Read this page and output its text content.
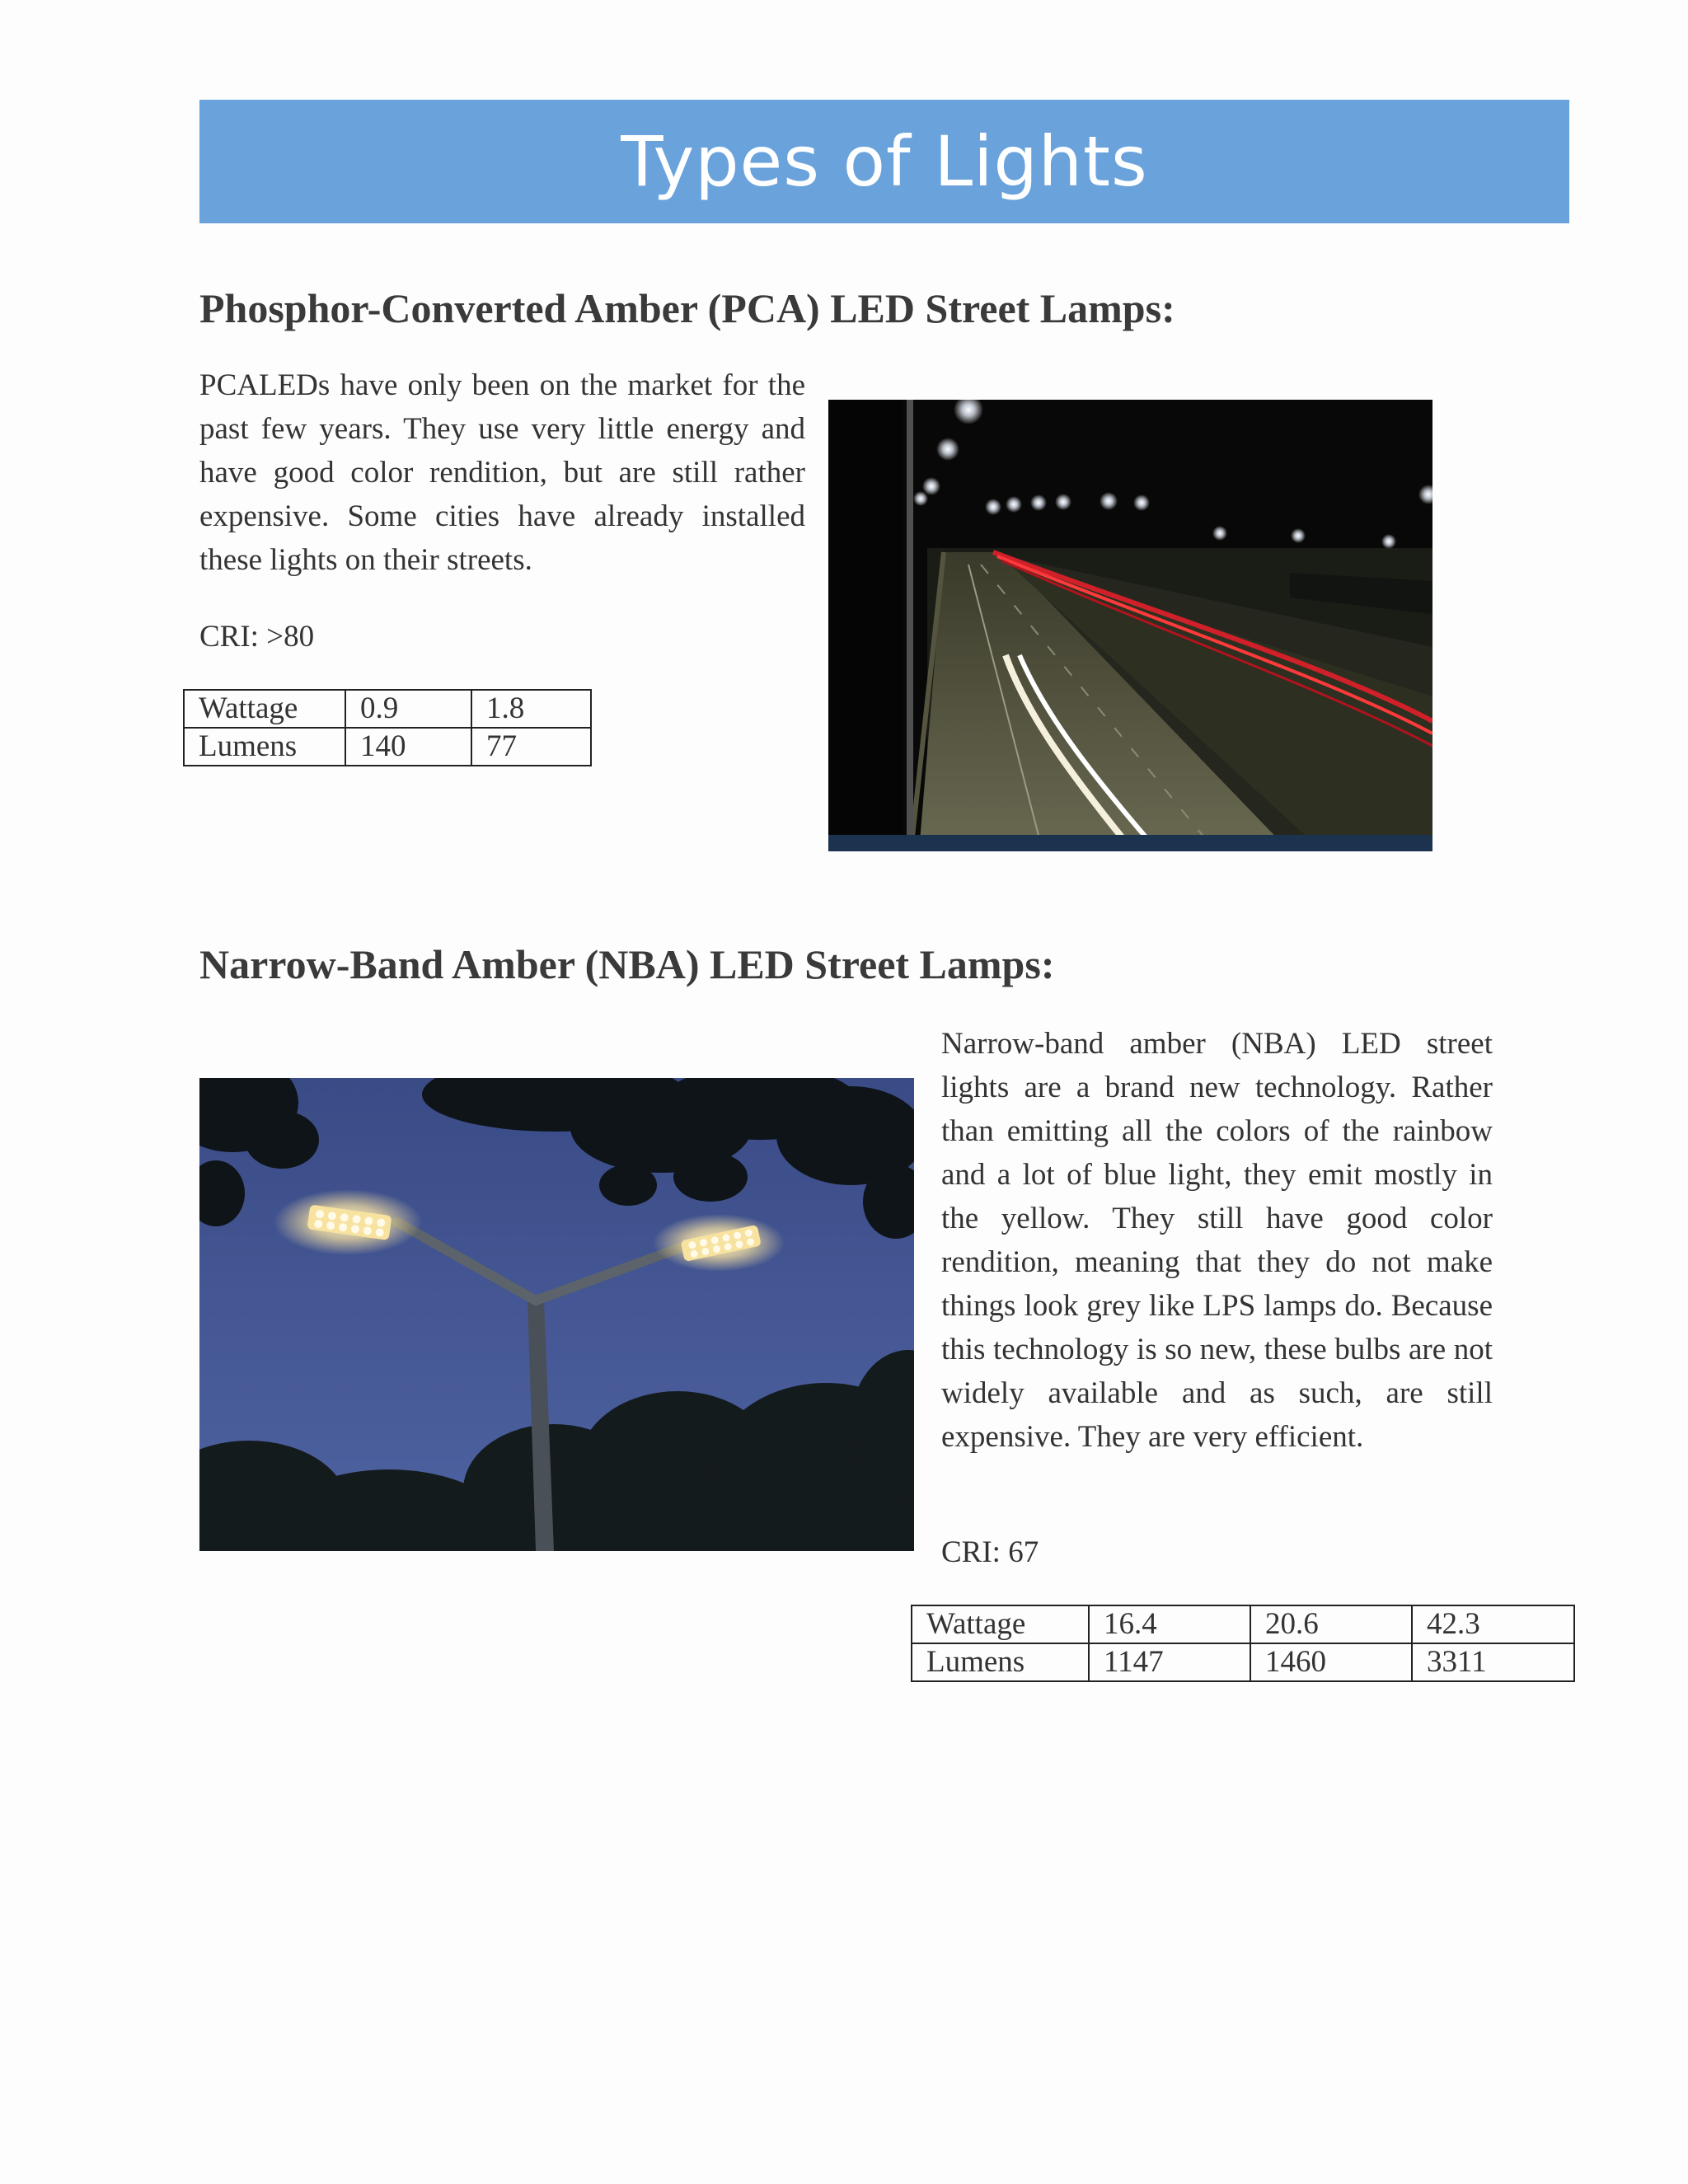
Types of Lights
Phosphor-Converted Amber (PCA) LED Street Lamps:

PCALEDs have only been on the market for the past few years. They use very little energy and have good color rendition, but are still rather expensive. Some cities have already installed these lights on their streets.

CRI: >80

Wattage	0.9	1.8
Lumens	140	77
Narrow-Band Amber (NBA) LED Street Lamps:

Narrow-band amber (NBA) LED street lights are a brand new technology. Rather than emitting all the colors of the rainbow and a lot of blue light, they emit mostly in the yellow. They still have good color rendition, meaning that they do not make things look grey like LPS lamps do. Because this technology is so new, these bulbs are not widely available and as such, are still expensive. They are very efficient.

CRI: 67

Wattage	16.4	20.6	42.3
Lumens	1147	1460	3311
